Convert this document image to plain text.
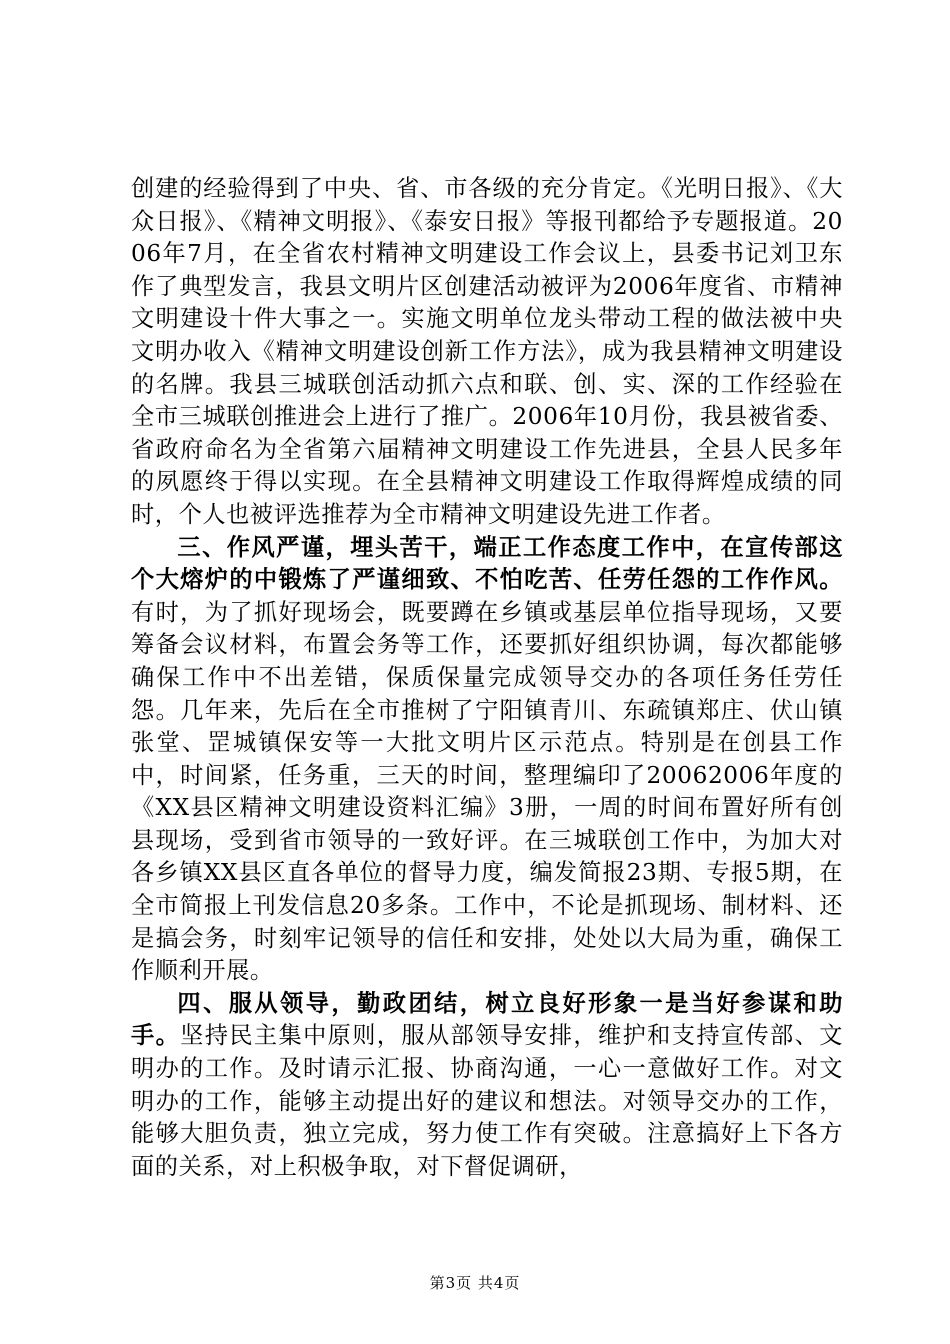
创建的经验得到了中央、省、市各级的充分肯定。《光明日报》、《大众日报》、《精神文明报》、《泰安日报》等报刊都给予专题报道。2006年7月，在全省农村精神文明建设工作会议上，县委书记刘卫东作了典型发言，我县文明片区创建活动被评为2006年度省、市精神文明建设十件大事之一。实施文明单位龙头带动工程的做法被中央文明办收入《精神文明建设创新工作方法》，成为我县精神文明建设的名牌。我县三城联创活动抓六点和联、创、实、深的工作经验在全市三城联创推进会上进行了推广。2006年10月份，我县被省委、省政府命名为全省第六届精神文明建设工作先进县，全县人民多年的夙愿终于得以实现。在全县精神文明建设工作取得辉煌成绩的同时，个人也被评选推荐为全市精神文明建设先进工作者。

三、作风严谨，埋头苦干，端正工作态度工作中，在宣传部这个大熔炉的中锻炼了严谨细致、不怕吃苦、任劳任怨的工作作风。有时，为了抓好现场会，既要蹲在乡镇或基层单位指导现场，又要筹备会议材料，布置会务等工作，还要抓好组织协调，每次都能够确保工作中不出差错，保质保量完成领导交办的各项任务任劳任怨。几年来，先后在全市推树了宁阳镇青川、东疏镇郑庄、伏山镇张堂、罡城镇保安等一大批文明片区示范点。特别是在创县工作中，时间紧，任务重，三天的时间，整理编印了20062006年度的《XX县区精神文明建设资料汇编》3册，一周的时间布置好所有创县现场，受到省市领导的一致好评。在三城联创工作中，为加大对各乡镇XX县区直各单位的督导力度，编发简报23期、专报5期，在全市简报上刊发信息20多条。工作中，不论是抓现场、制材料、还是搞会务，时刻牢记领导的信任和安排，处处以大局为重，确保工作顺利开展。

四、服从领导，勤政团结，树立良好形象一是当好参谋和助手。坚持民主集中原则，服从部领导安排，维护和支持宣传部、文明办的工作。及时请示汇报、协商沟通，一心一意做好工作。对文明办的工作，能够主动提出好的建议和想法。对领导交办的工作，能够大胆负责，独立完成，努力使工作有突破。注意搞好上下各方面的关系，对上积极争取，对下督促调研，

第3页 共4页
